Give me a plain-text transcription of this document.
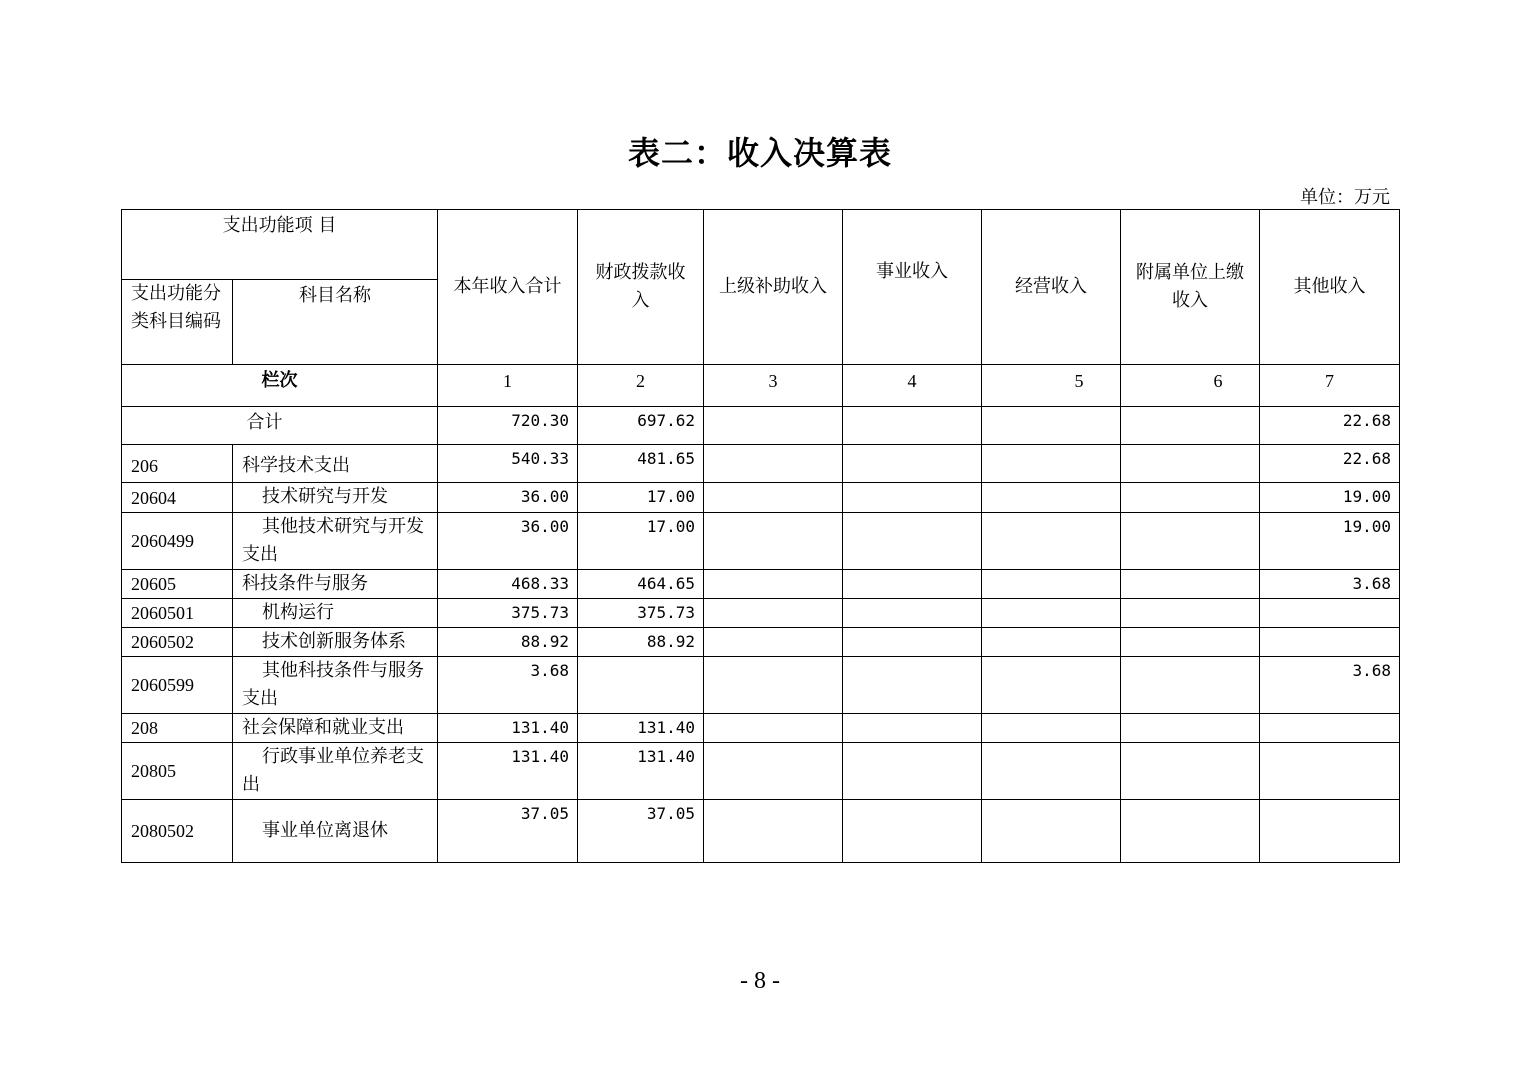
表二：收入决算表
单位：万元
支出功能项 目		本年收入合计	财政拨款收入	上级补助收入	事业收入	经营收入	附属单位上缴收入	其他收入
支出功能分类科目编码	科目名称							
栏次		1	2	3	4	5	6	7
合计		720.30	697.62					22.68
206	科学技术支出	540.33	481.65					22.68
20604	技术研究与开发	36.00	17.00					19.00
2060499	其他技术研究与开发支出	36.00	17.00					19.00
20605	科技条件与服务	468.33	464.65					3.68
2060501	机构运行	375.73	375.73					
2060502	技术创新服务体系	88.92	88.92					
2060599	其他科技条件与服务支出	3.68						3.68
208	社会保障和就业支出	131.40	131.40					
20805	行政事业单位养老支出	131.40	131.40					
2080502	事业单位离退休	37.05	37.05					
- 8 -
